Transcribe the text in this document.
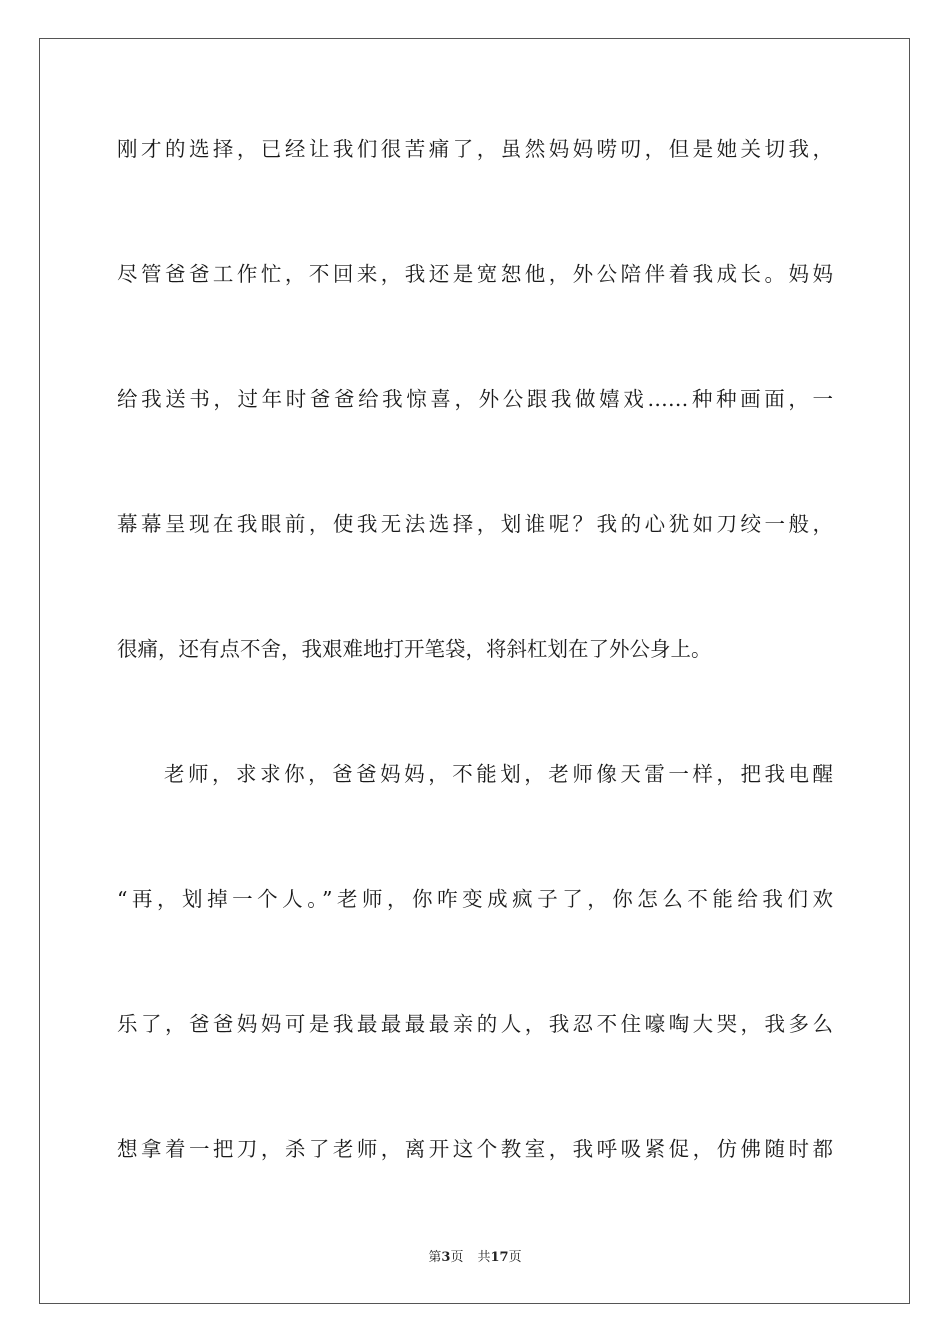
刚才的选择，已经让我们很苦痛了，虽然妈妈唠叨，但是她关切我，
尽管爸爸工作忙，不回来，我还是宽恕他，外公陪伴着我成长。妈妈
给我送书，过年时爸爸给我惊喜，外公跟我做嬉戏……种种画面，一
幕幕呈现在我眼前，使我无法选择，划谁呢？我的心犹如刀绞一般，
很痛，还有点不舍，我艰难地打开笔袋，将斜杠划在了外公身上。
老师，求求你，爸爸妈妈，不能划，老师像天雷一样，把我电醒
“再，划掉一个人。”老师，你咋变成疯子了，你怎么不能给我们欢
乐了，爸爸妈妈可是我最最最最亲的人，我忍不住嚎啕大哭，我多么
想拿着一把刀，杀了老师，离开这个教室，我呼吸紧促，仿佛随时都
第3页 共17页
